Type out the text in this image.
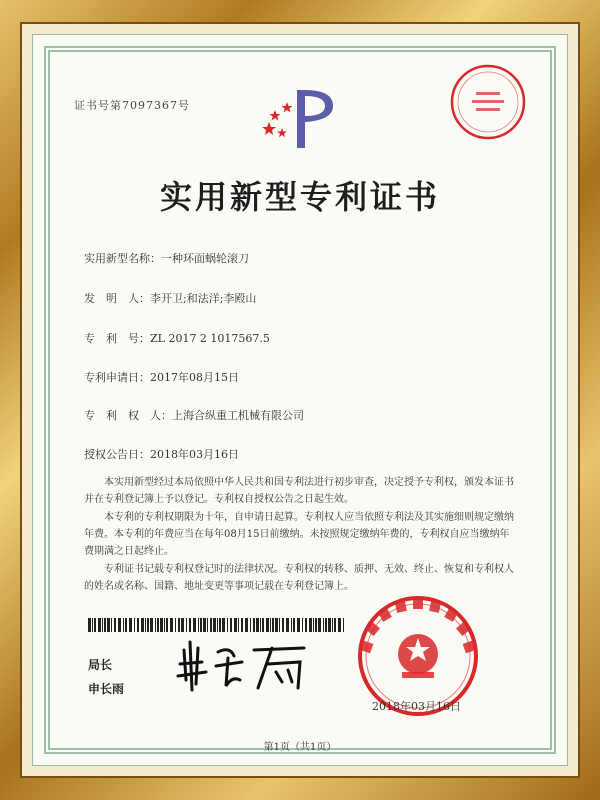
证书号第7097367号
实用新型专利证书
实用新型名称：一种环面蜗轮滚刀
发　明　人：李开卫;和法洋;李殿山
专　利　号：ZL 2017 2 1017567.5
专利申请日：2017年08月15日
专　利　权　人：上海合纵重工机械有限公司
授权公告日：2018年03月16日
本实用新型经过本局依照中华人民共和国专利法进行初步审查，决定授予专利权，颁发本证书并在专利登记簿上予以登记。专利权自授权公告之日起生效。
本专利的专利权期限为十年，自申请日起算。专利权人应当依照专利法及其实施细则规定缴纳年费。本专利的年费应当在每年08月15日前缴纳。未按照规定缴纳年费的，专利权自应当缴纳年费期满之日起终止。
专利证书记载专利权登记时的法律状况。专利权的转移、质押、无效、终止、恢复和专利权人的姓名或名称、国籍、地址变更等事项记载在专利登记簿上。
局长
申长雨
2018年03月16日
第1页（共1页）
